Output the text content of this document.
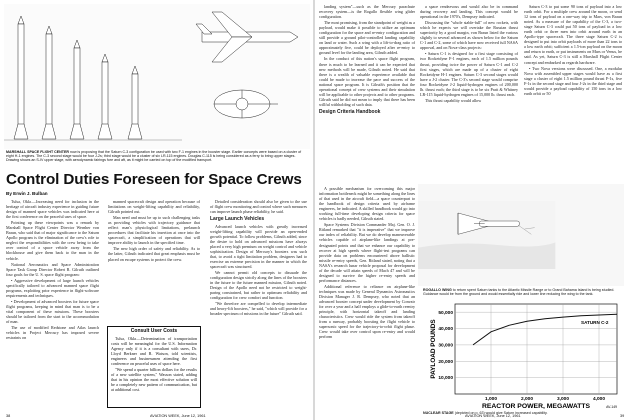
MARSHALL SPACE FLIGHT CENTER now is proposing that the Saturn C-3 configuration be used with two F-1 engines in the booster stage. Earlier concepts were based on a cluster of eight H-1 engines. The C-3 second stage would be four J-2s; third stage would be a cluster of six LR-115 engines. Douglas C-115 is being considered as a ferry to bring upper stages. Drawing shows an S-IV upper stage, with aerodynamic fairings fore and aft, as it might be carried on top of the modified transport.
Control Duties Foreseen for Space Crews
By Erwin J. Bulban

Tulsa, Okla.—Increasing need for inclusion in the heritage of aircraft industry experience in guiding future design of manned space vehicles was indicated here at the first conference on the peaceful uses of space.

Pointing up these viewpoints was a remark by Marshall Space Flight Center Director Wernher von Braun, who said that of major significance to the Saturn Apollo program is the elimination of the crew's role to neglect the responsibilities with the crew being to take over control of a space vehicle away from the blockhouse and give them back to the man in the vehicle.

National Aeronautics and Space Administration Space Task Group Director Robert R. Gilruth outlined four goals for the U. S. space flight program:

• Aggressive development of large launch vehicles specifically tailored to advanced manned space flight programs, exploiting prior experience in flight-software requirements and techniques.

• Development of advanced boosters for future space flight programs, keeping in mind that man is to be a vital component of these missions. These boosters should be tailored from the start to the accommodation of man.

The use of modified Redstone and Atlas launch vehicles in Project Mercury has imposed severe restraints on

manned spacecraft design and operation because of limitations on weight-lifting capability and reliability, Gilruth pointed out.

Man need and must be up to such challenging tasks as providing vehicles with trajectory guidance that reflect man's physiological limitations, prelaunch procedures that facilitate his insertion at once into the spacecraft, a simplification of operations that will improve ability to launch in the specified time.

The new high order of safety and reliability. As to the latter, Gilruth indicated that great emphasis must be placed on escape systems to protect the crew.

Consult User Costs

Tulsa, Okla.—Determination of transportation costs will be meaningful for the U.S. Information Agency only if it is a consultant with users, Dr. Lloyd Berkner and R. Watson, told scientists, engineers and businessmen attending the first conference on peaceful uses of space here.

"We spend a quarter billion dollars for the results of a new satellite system," Wasson stated, adding that in his opinion the most effective solution will be a completely new pattern of communication, but at additional cost.

Detailed consideration should also be given to the use of flight crew monitoring and control where such measures can improve launch phase reliability, he said.

Large Launch Vehicles

Advanced launch vehicles with greatly increased weight-lifting capability will provide an open-ended growth potential. To follow problems, Gilruth added, since the desire to hold on advanced missions have always placed a very high premium on weight control and vehicle sophistication. Design of Mercury's boosters was such that, to avoid a tight limitation problem, designers had to exercise an extreme precision in the manner in which the spacecraft was structured.

We cannot permit old concepts to dissuade the configuration design strictly along the lines of the boosters in the future to the future manned mission, Gilruth noted. Design of the Apollo need not be restricted to weight-paring constrained, but rather to optimum reliability and configuration for crew comfort and function.

"We therefore are compelled to develop intermediate and heavy-lift boosters," he said, "which will provide for a broader spectrum of missions in the future" Gilruth said.

38	AVIATION WEEK, June 12, 1961

landing system"—such as the Mercury parachute recovery system—is the Rogallo flexible wing glider configuration.

The most promising, from the standpoint of weight as a payload, would make it possible to utilize an optimum configuration for the space and re-entry configuration and still provide a ground pilot-controlled landing capability on land or water. Such a wing with a lift-to-drag ratio of approximately five, could be deployed after re-entry to ground level for the landing area, Gilruth added.

In the conduct of this nation's space flight program, there is much to be learned and it can be expected that new methods will be made, Gilruth noted. He said that there is a wealth of valuable experience available that could be made to increase the pace and success of the national space program. It is Gilruth's position that the operational concept of crew systems and their simulation will be applicable to other projects and to other programs. Gilruth said he did not mean to imply that there has been willful withholding of such data.

Design Criteria Handbook

a space rendezvous and would also be in command during recovery and landing. This concept would be operational in the 1970's, Dempsey indicated.

Discussing the "whole stable-full" of new rockets, with which he expects we will overtake the Russian thrust superiority by a good margin, von Braun listed the various slightly to several advanced as shown below for the Saturn C-1 and C-2, some of which have now received full NASA approval, and on Nova-class projects:

• Saturn C-1 is designed for a first stage consisting of two Rocketdyne F-1 engines, each of 1.5 million pounds thrust, providing twice the power of Saturn C-1 and C-2 first stages, which are made up of a cluster of eight Rocketdyne H-1 engines. Saturn C-3 second stages would have a J-2 cluster. The C-3's second stage would comprise four Rocketdyne J-2 liquid-hydrogen engines of 200,000 lb. thrust each; the third stage is to be six Pratt & Whitney LR-115 liquid-hydrogen engines of 15,000 lb. thrust each.

This thrust capability would allow

Saturn C-3 to put some 90 tons of payload into a low earth orbit. For a multiple crew around the moon, or send 12 tons of payload on a one-way trip to Mars, von Braun noted. As a measure of the capability of the C-3, a two-stage Saturn C-3 could put 50 tons of payload in a low earth orbit or three men into orbit around earth in an Apollo-type spacecraft. The three stage Saturn C-2 is designed to put into orbit payloads of more than 22 tons to a low earth orbit; sufficient a 1.5-ton payload on the moon and return to earth, or put instruments on Mars or Venus, he said. As yet, Saturn C-3 is still a Marshall Flight Center concept and embarked as regards hardware.

• Two Nova versions were discussed. One, a modular Nova with assembled upper stages would have as a first stage a cluster of eight 1.5 million pound thrust F-1s, five F-1s in the second stage and four J-2s in the third stage and would provide a payload capability of 150 tons in a low earth orbit or 50

A possible mechanism for overcoming this major information bottleneck might be something along the lines of that used in the aircraft field—a space counterpart to the handbook of design criteria used by airframe engineers, he indicated. A skilled handbook would go into working full-time developing design criteria for space vehicles is badly needed, Gilruth stated.

Space Systems Division Commander Maj. Gen. O. J. Ritland remarked that "it is imperative" that we improve our index of reliability. But we do develop maneuverable vehicles capable of airplane-like landings at pre-designated points and that we enhance our capability to recover at high speeds where flight-test programs can provide data on problems encountered above ballistic missile re-entry speeds, Gen. Ritland stated, noting that a NASA's research lunar vehicle proposal for development of the decade will attain speeds of Mach 47 and will be designed to survive the higher re-entry speeds and performance distances.

Additional reference to reliance on airplane-like techniques was made by General Dynamics Astronautics Division Manager J. R. Dempsey, who noted that an advanced booster concept under development by Convair for over a year and a half employs a glide-to-earth reentry principle, with horizontal takeoff and landing characteristics. Crew would ride the system from takeoff from a runway, probably boosting the flight vehicle to supersonic speed for the trajectory-to-orbit flight phase. Crew would take over control upon re-entry and would perform

ROGALLO WING to return spent Saturn tanks to the Atlantic Missile Range or to Grand Bahama Island is being studied. Guidance would be from the ground and would essentially ride and lower line reducing the wing to the tank.
50,000
40,000
30,000
20,000
10,000
1,000	2,000	3,000	4,000
SATURN C-2
PAYLOAD POUNDS
REACTOR POWER, MEGAWATTS	AV-149
NUCLEAR STAGE (depicted on p. 63) would give Saturn increased capability.
AVIATION WEEK, June 12, 1961	39
